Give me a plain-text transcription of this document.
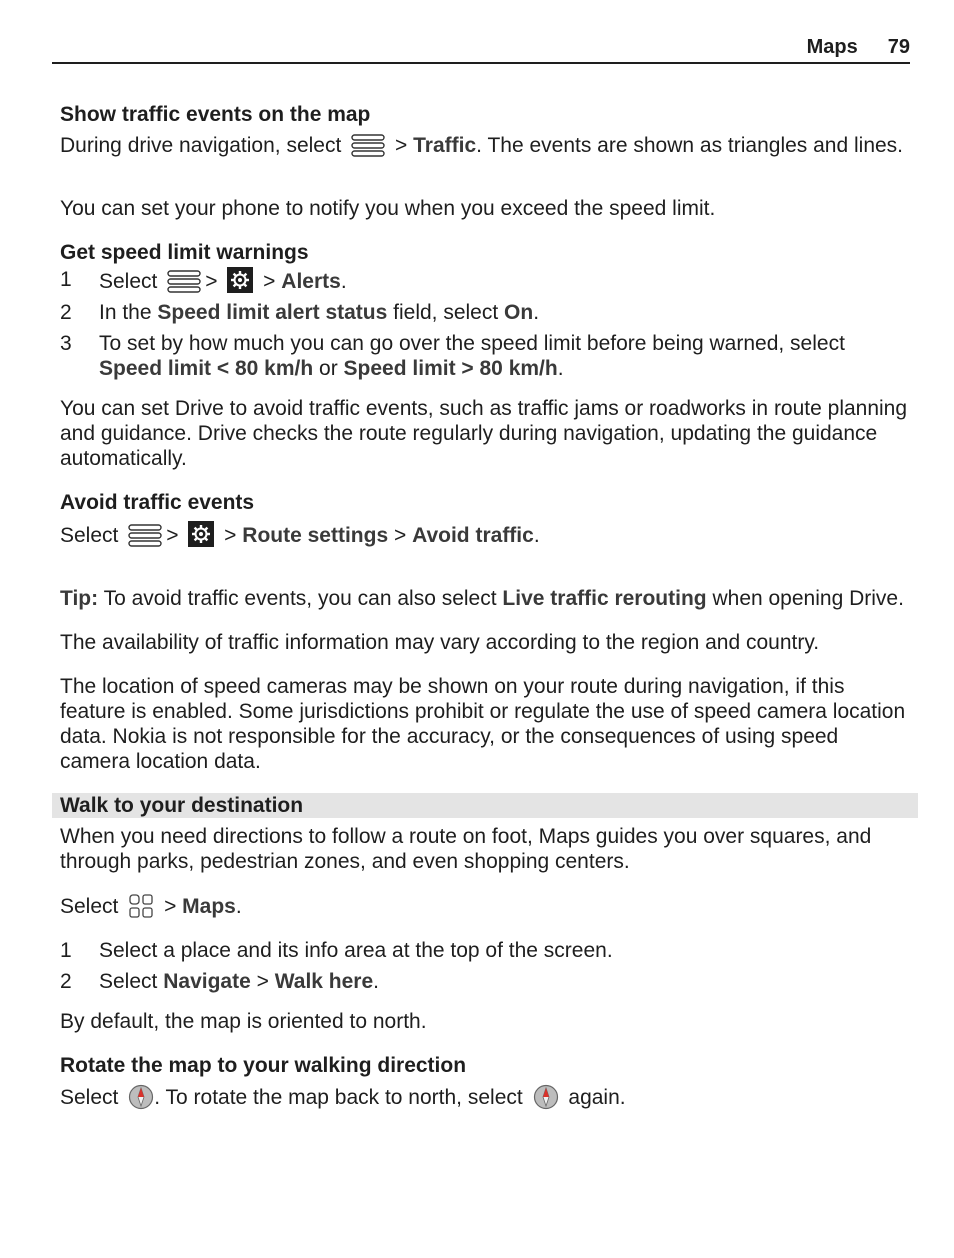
Maps 79

Show traffic events on the map

During drive navigation, select	> Traffic. The events are shown as triangles and lines.

You can set your phone to notify you when you exceed the speed limit.

Get speed limit warnings

1	Select > > Alerts.
2	In the Speed limit alert status field, select On.
3	To set by how much you can go over the speed limit before being warned, select Speed limit < 80 km/h or Speed limit > 80 km/h.

You can set Drive to avoid traffic events, such as traffic jams or roadworks in route planning and guidance. Drive checks the route regularly during navigation, updating the guidance automatically.

Avoid traffic events

Select > > Route settings > Avoid traffic.

Tip: To avoid traffic events, you can also select Live traffic rerouting when opening Drive.

The availability of traffic information may vary according to the region and country.

The location of speed cameras may be shown on your route during navigation, if this feature is enabled. Some jurisdictions prohibit or regulate the use of speed camera location data. Nokia is not responsible for the accuracy, or the consequences of using speed camera location data.

Walk to your destination

When you need directions to follow a route on foot, Maps guides you over squares, and through parks, pedestrian zones, and even shopping centers.

Select > Maps.

1	Select a place and its info area at the top of the screen.
2	Select Navigate > Walk here.

By default, the map is oriented to north.

Rotate the map to your walking direction

Select . To rotate the map back to north, select again.
